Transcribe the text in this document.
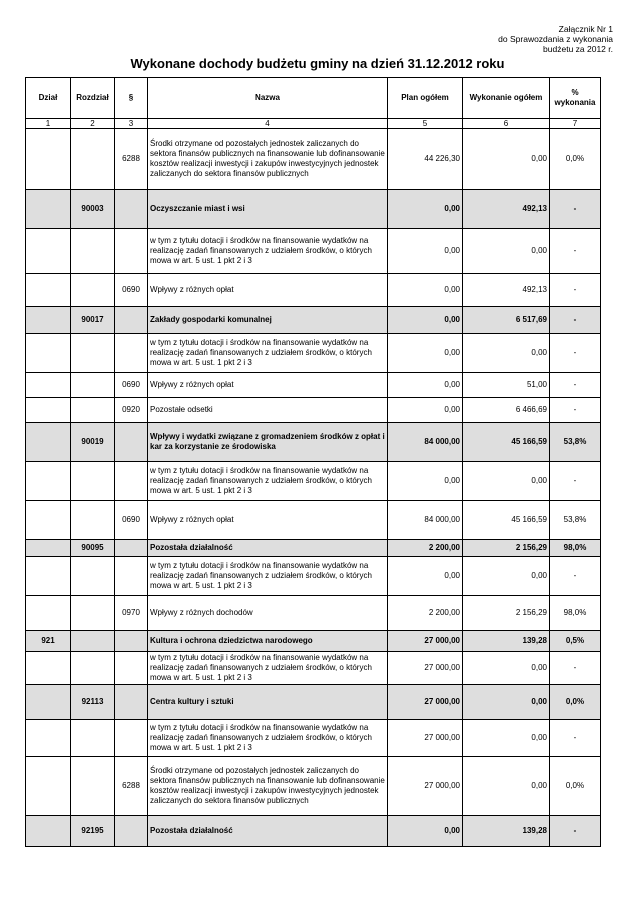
Załącznik Nr 1
do Sprawozdania z wykonania
budżetu za 2012 r.
Wykonane dochody budżetu gminy na dzień 31.12.2012 roku
Dział	Rozdział	§	Nazwa	Plan ogółem	Wykonanie ogółem	% wykonania
1	2	3	4	5	6	7
		6288	Środki otrzymane od pozostałych jednostek zaliczanych do sektora finansów publicznych na finansowanie lub dofinansowanie kosztów realizacji inwestycji i zakupów inwestycyjnych jednostek zaliczanych do sektora finansów publicznych	44 226,30	0,00	0,0%
	90003		Oczyszczanie miast i wsi	0,00	492,13	-
			w tym z tytułu dotacji i środków na finansowanie wydatków na realizację zadań finansowanych z udziałem środków, o których mowa w art. 5 ust. 1 pkt 2 i 3	0,00	0,00	-
		0690	Wpływy z różnych opłat	0,00	492,13	-
	90017		Zakłady gospodarki komunalnej	0,00	6 517,69	-
			w tym z tytułu dotacji i środków na finansowanie wydatków na realizację zadań finansowanych z udziałem środków, o których mowa w art. 5 ust. 1 pkt 2 i 3	0,00	0,00	-
		0690	Wpływy z różnych opłat	0,00	51,00	-
		0920	Pozostałe odsetki	0,00	6 466,69	-
	90019		Wpływy i wydatki związane z gromadzeniem środków z opłat i kar za korzystanie ze środowiska	84 000,00	45 166,59	53,8%
			w tym z tytułu dotacji i środków na finansowanie wydatków na realizację zadań finansowanych z udziałem środków, o których mowa w art. 5 ust. 1 pkt 2 i 3	0,00	0,00	-
		0690	Wpływy z różnych opłat	84 000,00	45 166,59	53,8%
	90095		Pozostała działalność	2 200,00	2 156,29	98,0%
			w tym z tytułu dotacji i środków na finansowanie wydatków na realizację zadań finansowanych z udziałem środków, o których mowa w art. 5 ust. 1 pkt 2 i 3	0,00	0,00	-
		0970	Wpływy z różnych dochodów	2 200,00	2 156,29	98,0%
921			Kultura i ochrona dziedzictwa narodowego	27 000,00	139,28	0,5%
			w tym z tytułu dotacji i środków na finansowanie wydatków na realizację zadań finansowanych z udziałem środków, o których mowa w art. 5 ust. 1 pkt 2 i 3	27 000,00	0,00	-
	92113		Centra kultury i sztuki	27 000,00	0,00	0,0%
			w tym z tytułu dotacji i środków na finansowanie wydatków na realizację zadań finansowanych z udziałem środków, o których mowa w art. 5 ust. 1 pkt 2 i 3	27 000,00	0,00	-
		6288	Środki otrzymane od pozostałych jednostek zaliczanych do sektora finansów publicznych na finansowanie lub dofinansowanie kosztów realizacji inwestycji i zakupów inwestycyjnych jednostek zaliczanych do sektora finansów publicznych	27 000,00	0,00	0,0%
	92195		Pozostała działalność	0,00	139,28	-
